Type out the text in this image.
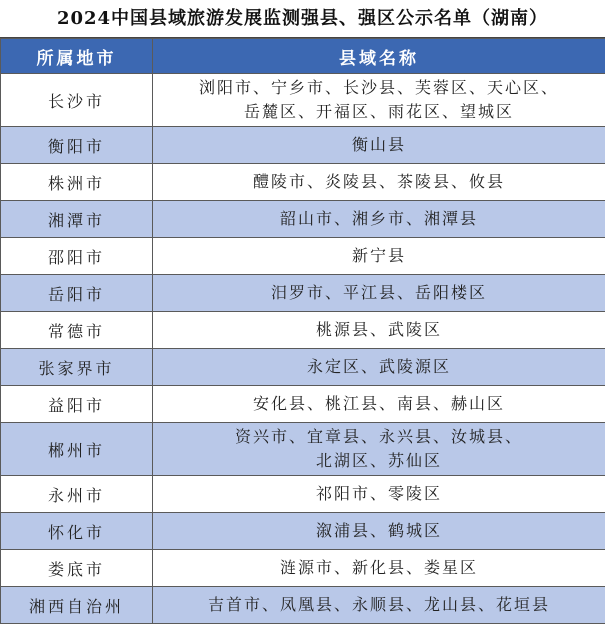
2024中国县域旅游发展监测强县、强区公示名单（湖南）
所属地市	县域名称
长沙市	浏阳市、宁乡市、长沙县、芙蓉区、天心区、
岳麓区、开福区、雨花区、望城区

衡阳市	衡山县

株洲市	醴陵市、炎陵县、茶陵县、攸县

湘潭市	韶山市、湘乡市、湘潭县

邵阳市	新宁县

岳阳市	汨罗市、平江县、岳阳楼区

常德市	桃源县、武陵区

张家界市	永定区、武陵源区

益阳市	安化县、桃江县、南县、赫山区

郴州市	资兴市、宜章县、永兴县、汝城县、
北湖区、苏仙区

永州市	祁阳市、零陵区

怀化市	溆浦县、鹤城区

娄底市	涟源市、新化县、娄星区

湘西自治州	吉首市、凤凰县、永顺县、龙山县、花垣县
